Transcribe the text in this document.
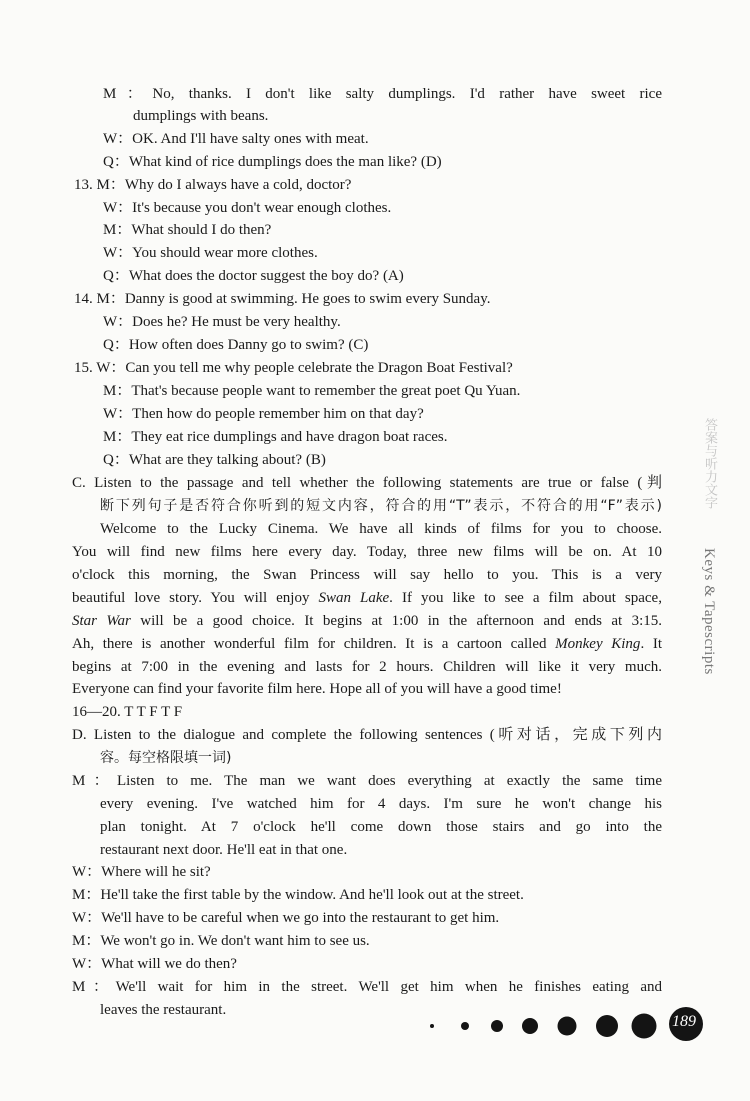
M：No, thanks. I don't like salty dumplings. I'd rather have sweet rice
dumplings with beans.
W：OK. And I'll have salty ones with meat.
Q：What kind of rice dumplings does the man like? (D)
13. M：Why do I always have a cold, doctor?
W：It's because you don't wear enough clothes.
M：What should I do then?
W：You should wear more clothes.
Q：What does the doctor suggest the boy do? (A)
14. M：Danny is good at swimming. He goes to swim every Sunday.
W：Does he? He must be very healthy.
Q：How often does Danny go to swim? (C)
15. W：Can you tell me why people celebrate the Dragon Boat Festival?
M：That's because people want to remember the great poet Qu Yuan.
W：Then how do people remember him on that day?
M：They eat rice dumplings and have dragon boat races.
Q：What are they talking about? (B)
C. Listen to the passage and tell whether the following statements are true or false (判
断下列句子是否符合你听到的短文内容，符合的用“T”表示，不符合的用“F”表示)
Welcome to the Lucky Cinema. We have all kinds of films for you to choose.
You will find new films here every day. Today, three new films will be on. At 10
o'clock this morning, the Swan Princess will say hello to you. This is a very
beautiful love story. You will enjoy Swan Lake. If you like to see a film about space,
Star War will be a good choice. It begins at 1:00 in the afternoon and ends at 3:15.
Ah, there is another wonderful film for children. It is a cartoon called Monkey King. It
begins at 7:00 in the evening and lasts for 2 hours. Children will like it very much.
Everyone can find your favorite film here. Hope all of you will have a good time!
16—20. T T F T F
D. Listen to the dialogue and complete the following sentences (听对话，完成下列内
容。每空格限填一词)
M：Listen to me. The man we want does everything at exactly the same time
every evening. I've watched him for 4 days. I'm sure he won't change his
plan tonight. At 7 o'clock he'll come down those stairs and go into the
restaurant next door. He'll eat in that one.
W：Where will he sit?
M：He'll take the first table by the window. And he'll look out at the street.
W：We'll have to be careful when we go into the restaurant to get him.
M：We won't go in. We don't want him to see us.
W：What will we do then?
M：We'll wait for him in the street. We'll get him when he finishes eating and
leaves the restaurant.
答案与听力文字
Keys & Tapescripts
189
